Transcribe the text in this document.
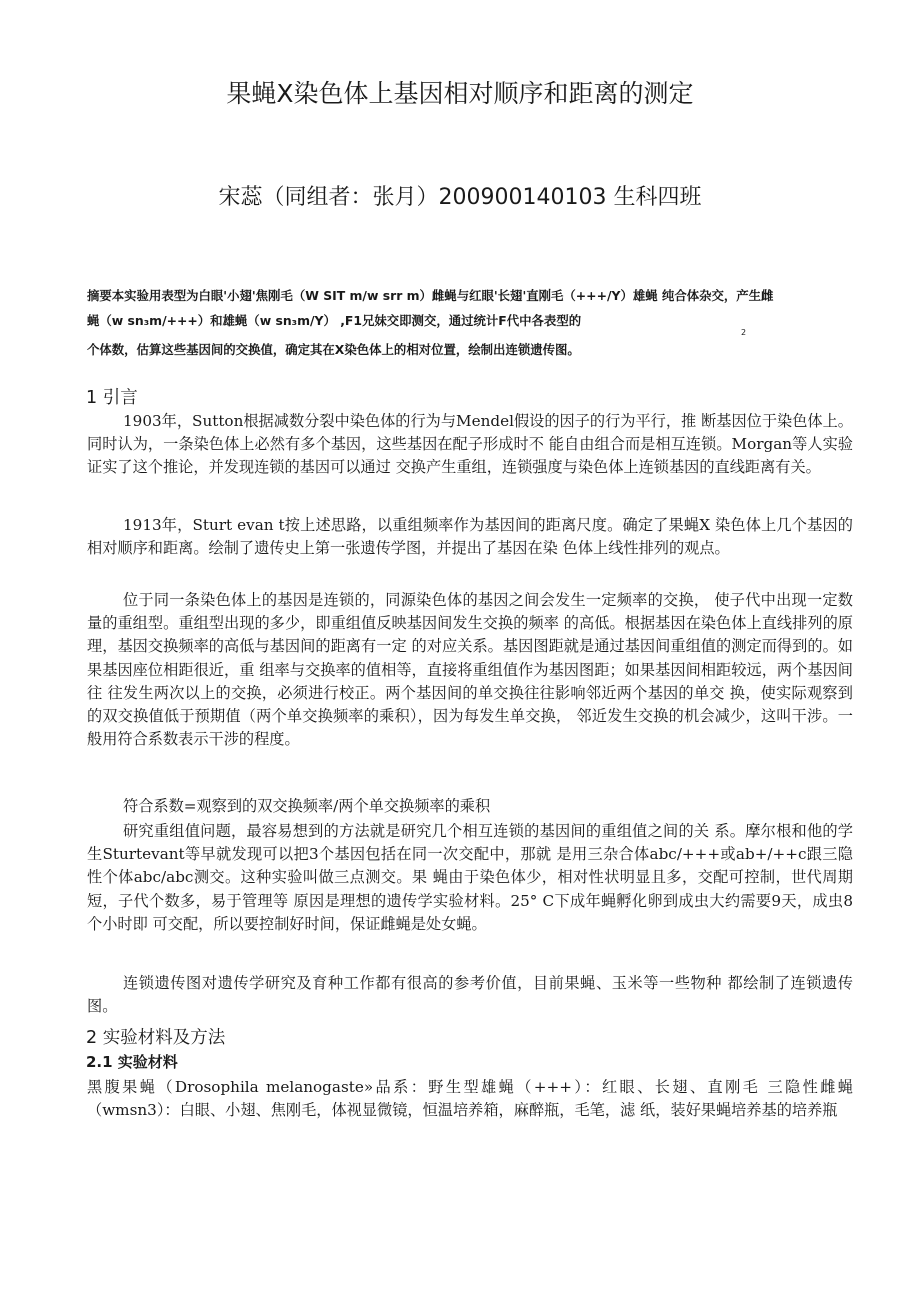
果蝇X染色体上基因相对顺序和距离的测定
宋蕊（同组者：张月）200900140103 生科四班
摘要本实验用表型为白眼'小翅'焦刚毛（W SIT m/w srr m）雌蝇与红眼'长翅'直刚毛（+++/Y）雄蝇 纯合体杂交，产生雌
蝇（w sn₃m/+++）和雄蝇（w sn₃m/Y） ,F1兄妹交即测交，通过统计F代中各表型的
2
个体数，估算这些基因间的交换值，确定其在X染色体上的相对位置，绘制出连锁遗传图。
1 引言

1903年，Sutton根据减数分裂中染色体的行为与Mendel假设的因子的行为平行，推 断基因位于染色体上。同时认为，一条染色体上必然有多个基因，这些基因在配子形成时不 能自由组合而是相互连锁。Morgan等人实验证实了这个推论，并发现连锁的基因可以通过 交换产生重组，连锁强度与染色体上连锁基因的直线距离有关。

1913年，Sturt evan t按上述思路，以重组频率作为基因间的距离尺度。确定了果蝇X 染色体上几个基因的相对顺序和距离。绘制了遗传史上第一张遗传学图，并提出了基因在染 色体上线性排列的观点。

位于同一条染色体上的基因是连锁的，同源染色体的基因之间会发生一定频率的交换， 使子代中出现一定数量的重组型。重组型出现的多少，即重组值反映基因间发生交换的频率 的高低。根据基因在染色体上直线排列的原理，基因交换频率的高低与基因间的距离有一定 的对应关系。基因图距就是通过基因间重组值的测定而得到的。如果基因座位相距很近，重 组率与交换率的值相等，直接将重组值作为基因图距；如果基因间相距较远，两个基因间往 往发生两次以上的交换，必须进行校正。两个基因间的单交换往往影响邻近两个基因的单交 换，使实际观察到的双交换值低于预期值（两个单交换频率的乘积），因为每发生单交换， 邻近发生交换的机会减少，这叫干涉。一般用符合系数表示干涉的程度。

符合系数=观察到的双交换频率/两个单交换频率的乘积

研究重组值问题，最容易想到的方法就是研究几个相互连锁的基因间的重组值之间的关 系。摩尔根和他的学生Sturtevant等早就发现可以把3个基因包括在同一次交配中，那就 是用三杂合体abc/+++或ab+/++c跟三隐性个体abc/abc测交。这种实验叫做三点测交。果 蝇由于染色体少，相对性状明显且多，交配可控制，世代周期短，子代个数多，易于管理等 原因是理想的遗传学实验材料。25° C下成年蝇孵化卵到成虫大约需要9天，成虫8个小时即 可交配，所以要控制好时间，保证雌蝇是处女蝇。

连锁遗传图对遗传学研究及育种工作都有很高的参考价值，目前果蝇、玉米等一些物种 都绘制了连锁遗传图。

2 实验材料及方法
2.1 实验材料

黑腹果蝇（Drosophila melanogaste»品系：野生型雄蝇（+++）：红眼、长翅、直刚毛 三隐性雌蝇（wmsn3）：白眼、小翅、焦刚毛，体视显微镜，恒温培养箱，麻醉瓶，毛笔，滤 纸，装好果蝇培养基的培养瓶
